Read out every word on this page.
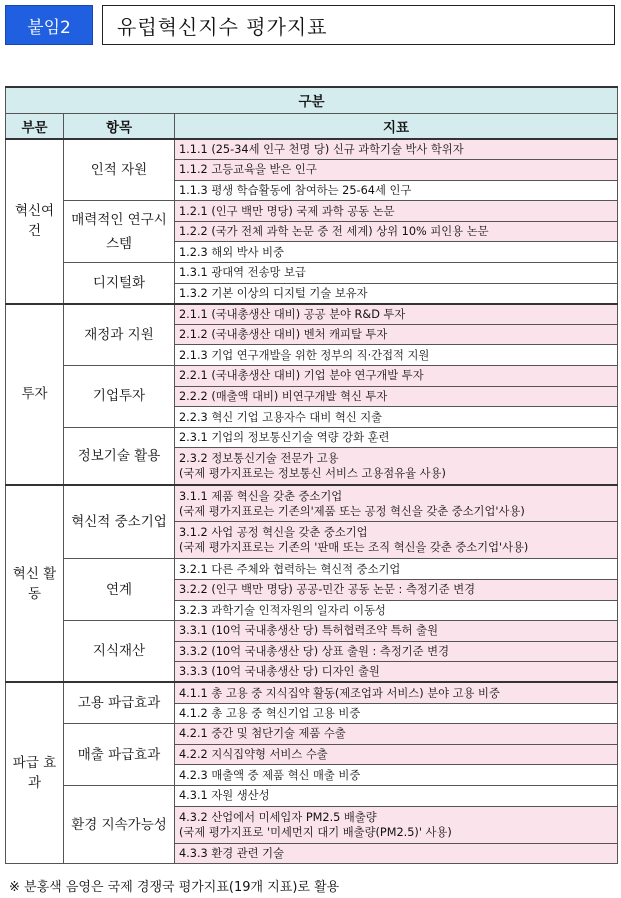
붙임2	유럽혁신지수 평가지표
구분		
부문	항목	지표
혁신여건	인적 자원	1.1.1 (25-34세 인구 천명 당) 신규 과학기술 박사 학위자

		1.1.2 고등교육을 받은 인구

		1.1.3 평생 학습활동에 참여하는 25-64세 인구

	매력적인 연구시스템	1.2.1 (인구 백만 명당) 국제 과학 공동 논문

		1.2.2 (국가 전체 과학 논문 중 전 세계) 상위 10% 피인용 논문

		1.2.3 해외 박사 비중

	디지털화	1.3.1 광대역 전송망 보급

		1.3.2 기본 이상의 디지털 기술 보유자

투자	재정과 지원	2.1.1 (국내총생산 대비) 공공 분야 R&D 투자

		2.1.2 (국내총생산 대비) 벤처 캐피탈 투자

		2.1.3 기업 연구개발을 위한 정부의 직·간접적 지원

	기업투자	2.2.1 (국내총생산 대비) 기업 분야 연구개발 투자

		2.2.2 (매출액 대비) 비연구개발 혁신 투자

		2.2.3 혁신 기업 고용자수 대비 혁신 지출

	정보기술 활용	2.3.1 기업의 정보통신기술 역량 강화 훈련

		2.3.2 정보통신기술 전문가 고용
(국제 평가지표로는 정보통신 서비스 고용점유율 사용)

혁신 활동	혁신적 중소기업	3.1.1 제품 혁신을 갖춘 중소기업
(국제 평가지표로는 기존의'제품 또는 공정 혁신을 갖춘 중소기업'사용)

		3.1.2 사업 공정 혁신을 갖춘 중소기업
(국제 평가지표로는 기존의 '판매 또는 조직 혁신을 갖춘 중소기업'사용)

	연계	3.2.1 다른 주체와 협력하는 혁신적 중소기업

		3.2.2 (인구 백만 명당) 공공-민간 공동 논문 : 측정기준 변경

		3.2.3 과학기술 인적자원의 일자리 이동성

	지식재산	3.3.1 (10억 국내총생산 당) 특허협력조약 특허 출원

		3.3.2 (10억 국내총생산 당) 상표 출원 : 측정기준 변경

		3.3.3 (10억 국내총생산 당) 디자인 출원

파급 효과	고용 파급효과	4.1.1 총 고용 중 지식집약 활동(제조업과 서비스) 분야 고용 비중

		4.1.2 총 고용 중 혁신기업 고용 비중

	매출 파급효과	4.2.1 중간 및 첨단기술 제품 수출

		4.2.2 지식집약형 서비스 수출

		4.2.3 매출액 중 제품 혁신 매출 비중

	환경 지속가능성	4.3.1 자원 생산성

		4.3.2 산업에서 미세입자 PM2.5 배출량
(국제 평가지표로 '미세먼지 대기 배출량(PM2.5)' 사용)

		4.3.3 환경 관련 기술
※ 분홍색 음영은 국제 경쟁국 평가지표(19개 지표)로 활용
